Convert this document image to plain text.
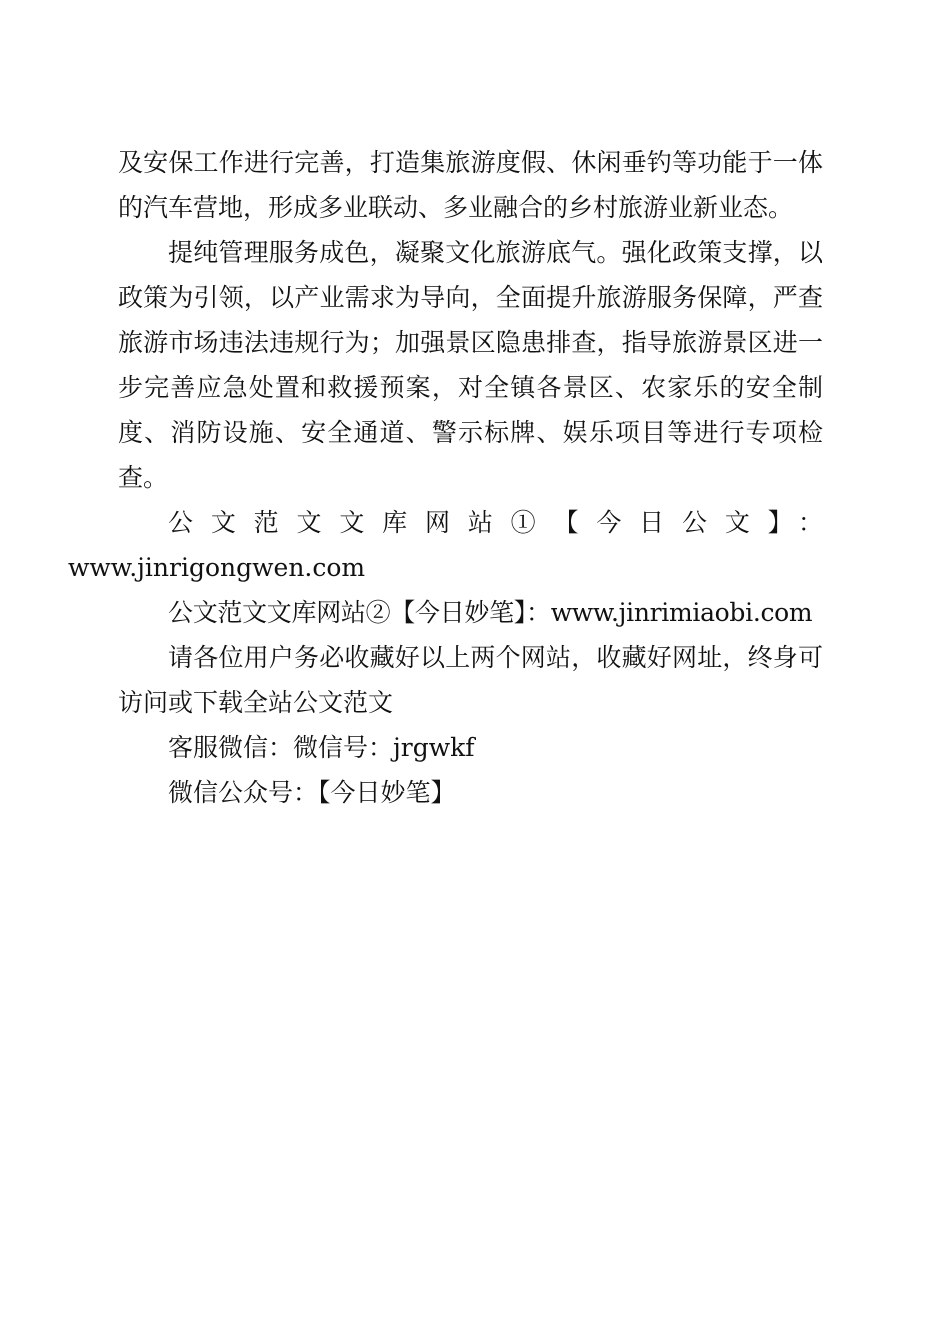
及安保工作进行完善，打造集旅游度假、休闲垂钓等功能于一体的汽车营地，形成多业联动、多业融合的乡村旅游业新业态。

提纯管理服务成色，凝聚文化旅游底气。强化政策支撑，以政策为引领，以产业需求为导向，全面提升旅游服务保障，严查旅游市场违法违规行为；加强景区隐患排查，指导旅游景区进一步完善应急处置和救援预案，对全镇各景区、农家乐的安全制度、消防设施、安全通道、警示标牌、娱乐项目等进行专项检查。

公文范文文库网站①【今日公文】：
www.jinrigongwen.com

公文范文文库网站②【今日妙笔】：www.jinrimiaobi.com

请各位用户务必收藏好以上两个网站，收藏好网址，终身可访问或下载全站公文范文

客服微信：微信号：jrgwkf

微信公众号：【今日妙笔】
